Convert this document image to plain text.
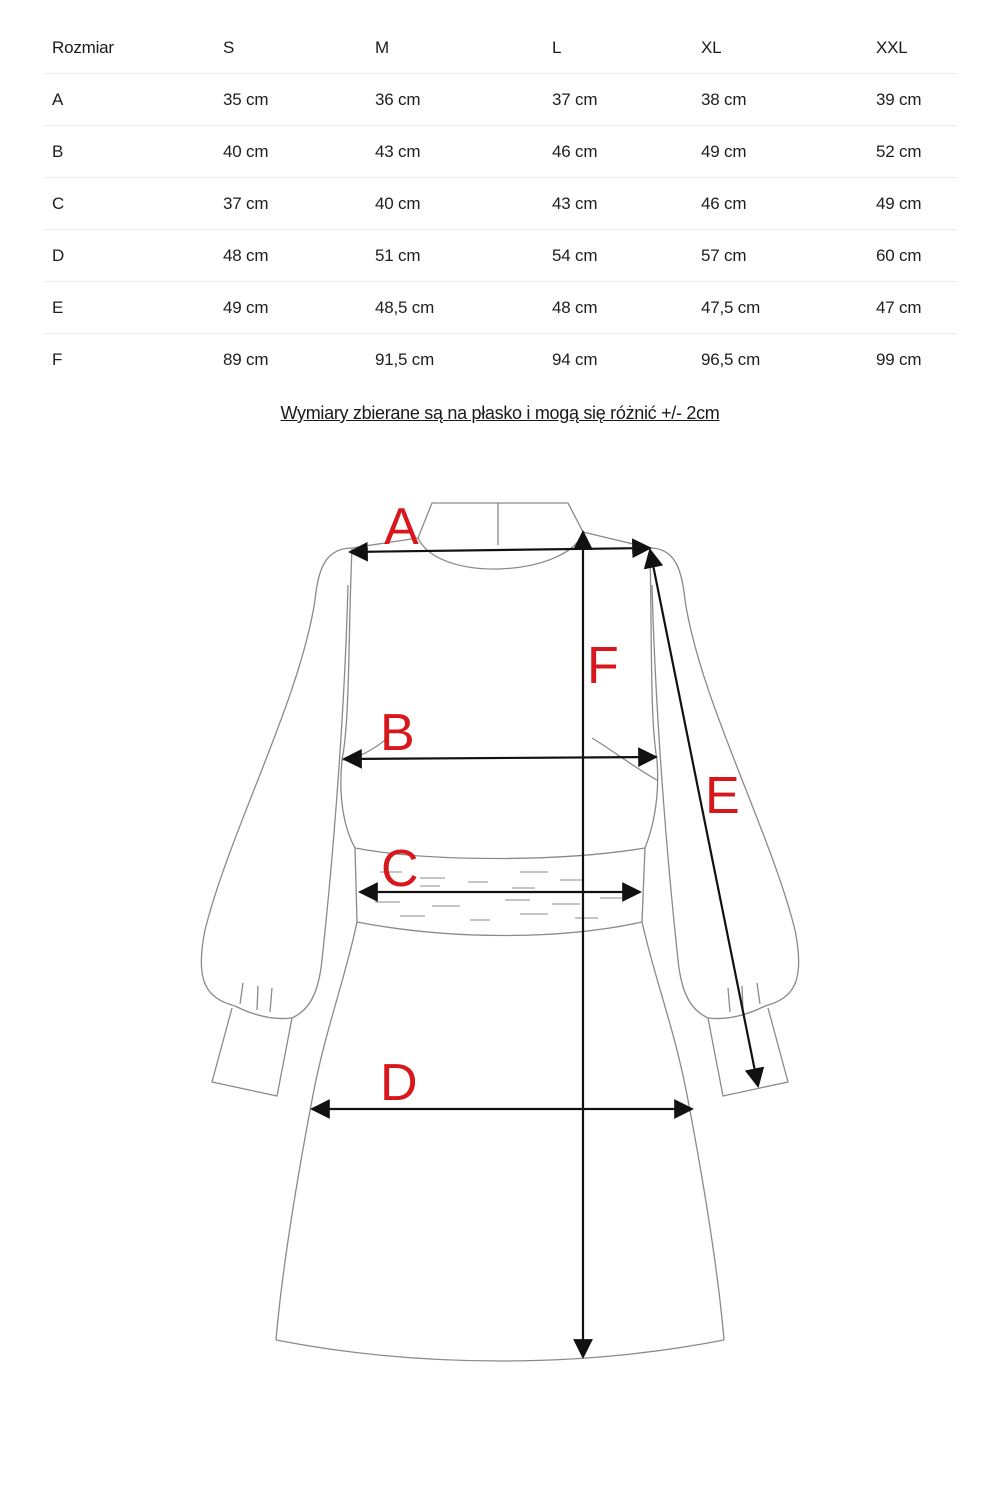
Rozmiar	S	M	L	XL	XXL
A	35 cm	36 cm	37 cm	38 cm	39 cm
B	40 cm	43 cm	46 cm	49 cm	52 cm
C	37 cm	40 cm	43 cm	46 cm	49 cm
D	48 cm	51 cm	54 cm	57 cm	60 cm
E	49 cm	48,5 cm	48 cm	47,5 cm	47 cm
F	89 cm	91,5 cm	94 cm	96,5 cm	99 cm
Wymiary zbierane są na płasko i mogą się różnić +/- 2cm
A
B
C
D
E
F
